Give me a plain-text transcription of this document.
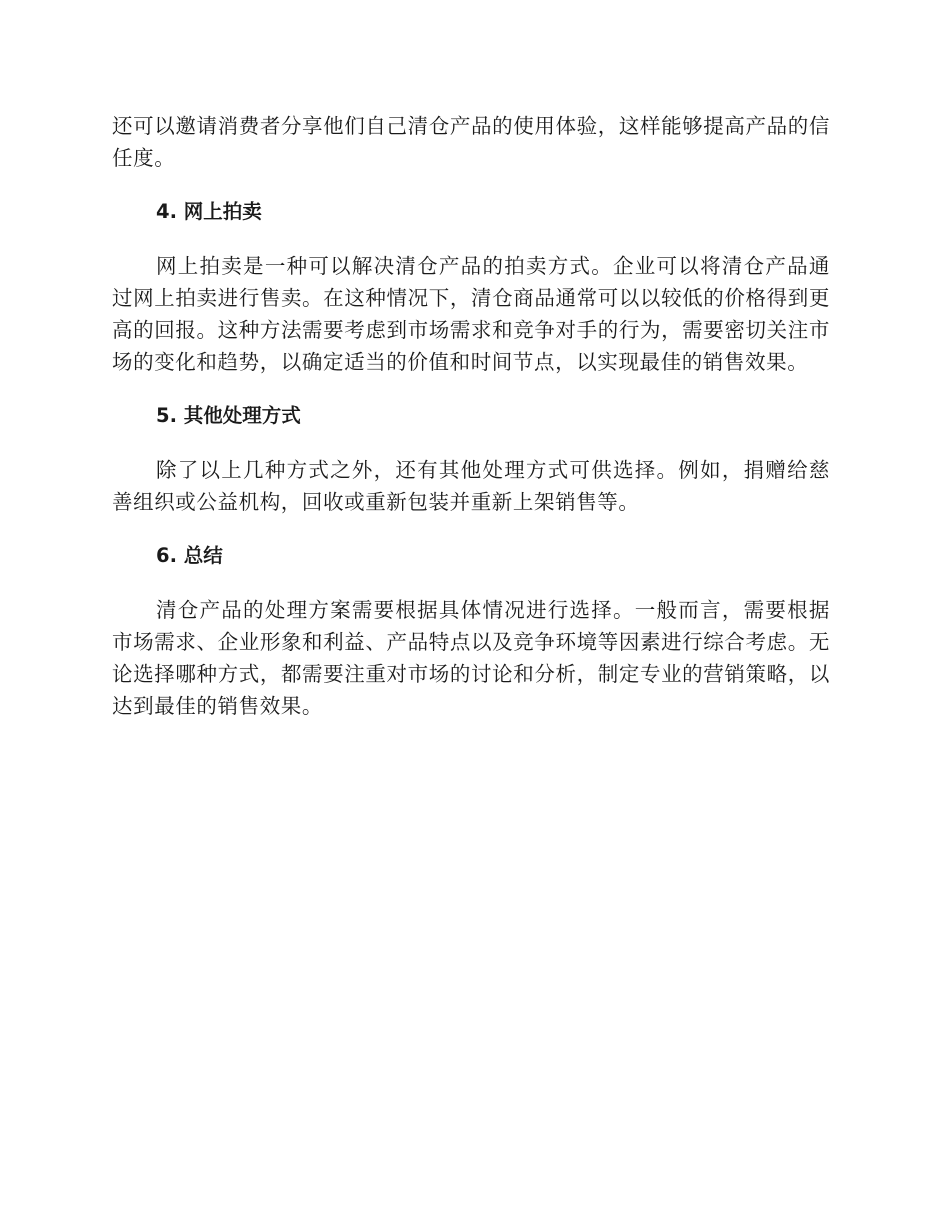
还可以邀请消费者分享他们自己清仓产品的使用体验，这样能够提高产品的信任度。

4. 网上拍卖

网上拍卖是一种可以解决清仓产品的拍卖方式。企业可以将清仓产品通过网上拍卖进行售卖。在这种情况下，清仓商品通常可以以较低的价格得到更高的回报。这种方法需要考虑到市场需求和竞争对手的行为，需要密切关注市场的变化和趋势，以确定适当的价值和时间节点，以实现最佳的销售效果。

5. 其他处理方式

除了以上几种方式之外，还有其他处理方式可供选择。例如，捐赠给慈善组织或公益机构，回收或重新包装并重新上架销售等。

6. 总结

清仓产品的处理方案需要根据具体情况进行选择。一般而言，需要根据市场需求、企业形象和利益、产品特点以及竞争环境等因素进行综合考虑。无论选择哪种方式，都需要注重对市场的讨论和分析，制定专业的营销策略，以达到最佳的销售效果。
